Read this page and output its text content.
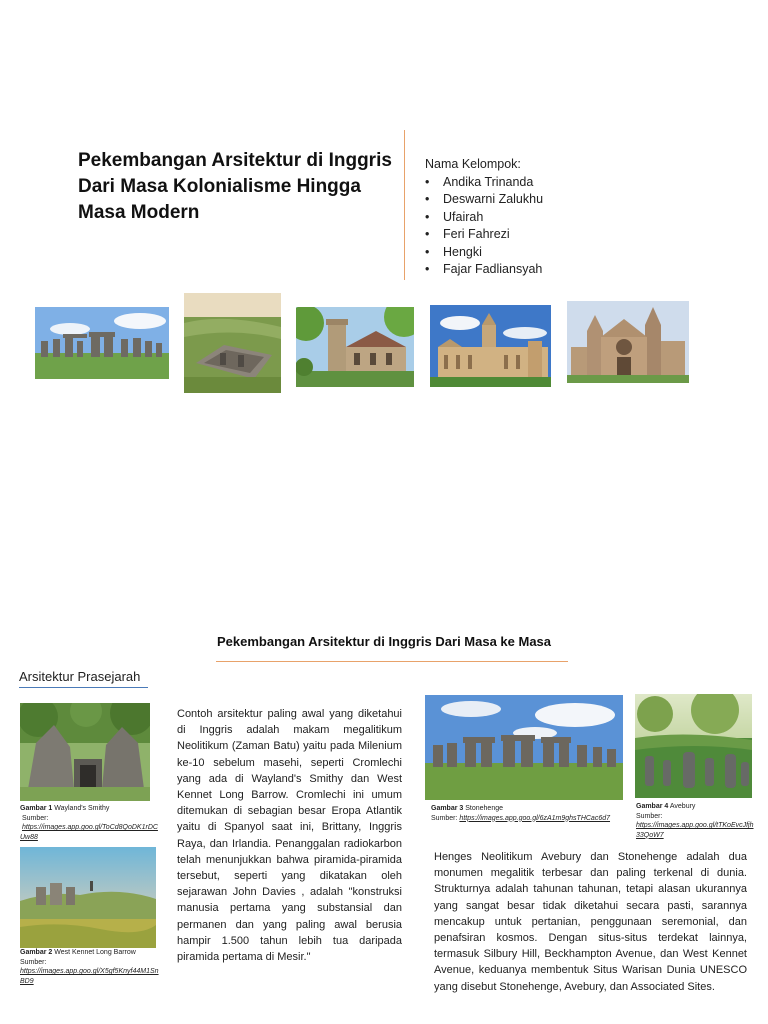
Pekembangan Arsitektur di Inggris
Dari Masa Kolonialisme Hingga
Masa Modern
Nama Kelompok:
• Andika Trinanda
• Deswarni Zalukhu
• Ufairah
• Feri Fahrezi
• Hengki
• Fajar Fadliansyah
Pekembangan Arsitektur di Inggris Dari Masa ke Masa
Arsitektur Prasejarah
Gambar 1 Wayland's Smithy
Sumber:
https://images.app.goo.gl/ToCd8QoDK1rDCUw88
Gambar 2 West Kennet Long Barrow
Sumber:
https://images.app.goo.gl/X5gf5Knyf44M1SnBD9
Contoh arsitektur paling awal yang diketahui di Inggris adalah makam megalitikum Neolitikum (Zaman Batu) yaitu pada Milenium ke-10 sebelum masehi, seperti Cromlechi yang ada di Wayland's Smithy dan West Kennet Long Barrow. Cromlechi ini umum ditemukan di sebagian besar Eropa Atlantik yaitu di Spanyol saat ini, Brittany, Inggris Raya, dan Irlandia. Penanggalan radiokarbon telah menunjukkan bahwa piramida-piramida tersebut, seperti yang dikatakan oleh sejarawan John Davies , adalah "konstruksi manusia pertama yang substansial dan permanen dan yang paling awal berusia hampir 1.500 tahun lebih tua daripada piramida pertama di Mesir."
Gambar 3 Stonehenge
Sumber: https://images.app.goo.gl/6zA1m9ghsTHCac6d7
Gambar 4 Avebury
Sumber:
https://images.app.goo.gl/tTKoEvcJfjh33QoW7
Henges Neolitikum Avebury dan Stonehenge adalah dua monumen megalitik terbesar dan paling terkenal di dunia. Strukturnya adalah tahunan tahunan, tetapi alasan ukurannya yang sangat besar tidak diketahui secara pasti, sarannya mencakup untuk pertanian, penggunaan seremonial, dan penafsiran kosmos. Dengan situs-situs terdekat lainnya, termasuk Silbury Hill, Beckhampton Avenue, dan West Kennet Avenue, keduanya membentuk Situs Warisan Dunia UNESCO yang disebut Stonehenge, Avebury, dan Associated Sites.
